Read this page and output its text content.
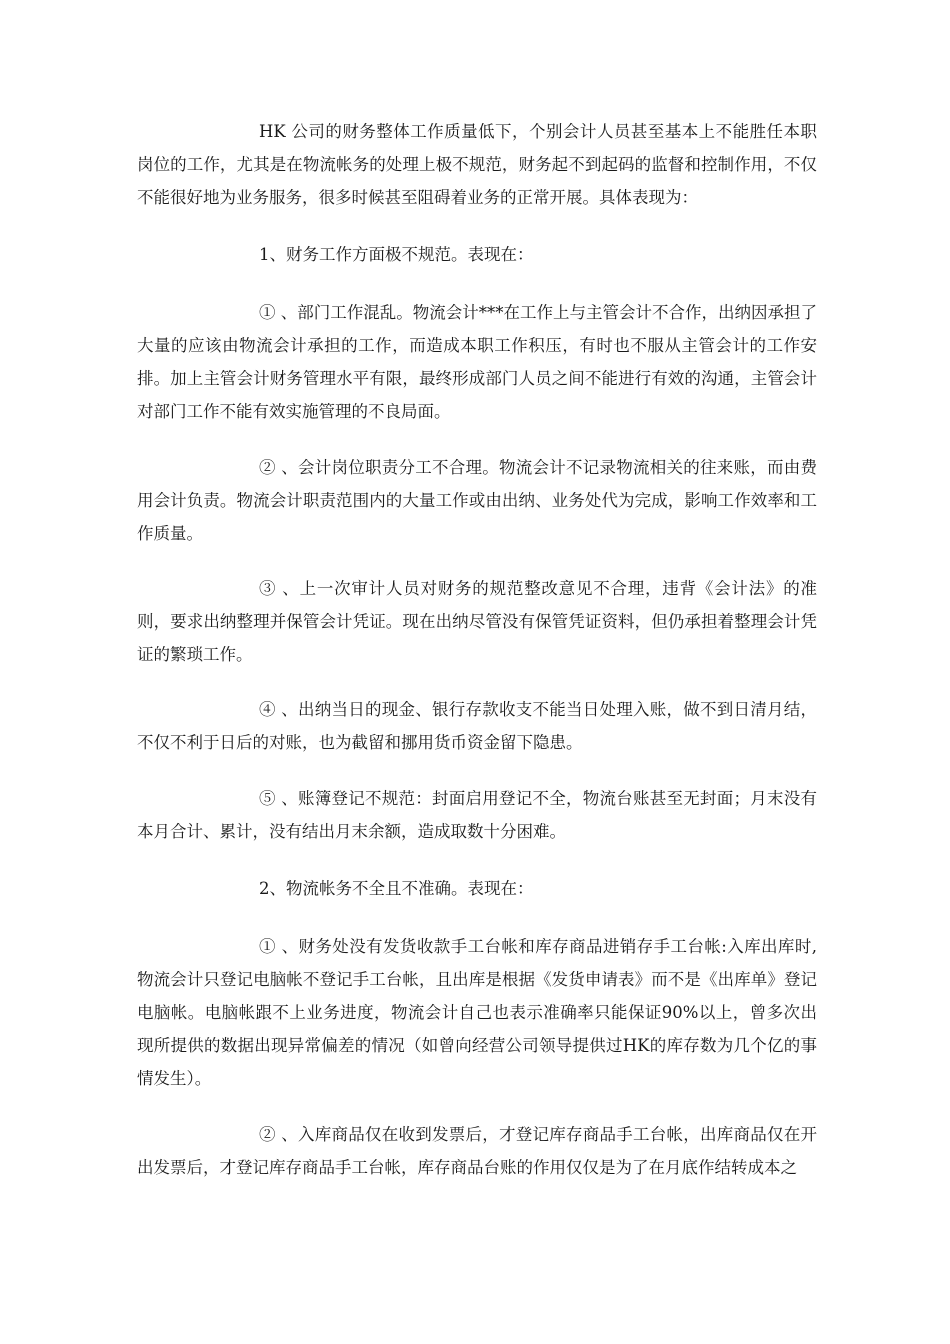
HK 公司的财务整体工作质量低下，个别会计人员甚至基本上不能胜任本职岗位的工作，尤其是在物流帐务的处理上极不规范，财务起不到起码的监督和控制作用，不仅不能很好地为业务服务，很多时候甚至阻碍着业务的正常开展。具体表现为：

1、财务工作方面极不规范。表现在：

① 、部门工作混乱。物流会计***在工作上与主管会计不合作，出纳因承担了大量的应该由物流会计承担的工作，而造成本职工作积压，有时也不服从主管会计的工作安排。加上主管会计财务管理水平有限，最终形成部门人员之间不能进行有效的沟通，主管会计对部门工作不能有效实施管理的不良局面。

② 、会计岗位职责分工不合理。物流会计不记录物流相关的往来账，而由费用会计负责。物流会计职责范围内的大量工作或由出纳、业务处代为完成，影响工作效率和工作质量。

③ 、上一次审计人员对财务的规范整改意见不合理，违背《会计法》的准则，要求出纳整理并保管会计凭证。现在出纳尽管没有保管凭证资料，但仍承担着整理会计凭证的繁琐工作。

④ 、出纳当日的现金、银行存款收支不能当日处理入账，做不到日清月结，不仅不利于日后的对账，也为截留和挪用货币资金留下隐患。

⑤ 、账簿登记不规范：封面启用登记不全，物流台账甚至无封面；月末没有本月合计、累计，没有结出月末余额，造成取数十分困难。

2、物流帐务不全且不准确。表现在：

① 、财务处没有发货收款手工台帐和库存商品进销存手工台帐:入库出库时,物流会计只登记电脑帐不登记手工台帐，且出库是根据《发货申请表》而不是《出库单》登记电脑帐。电脑帐跟不上业务进度，物流会计自己也表示准确率只能保证90%以上，曾多次出现所提供的数据出现异常偏差的情况（如曾向经营公司领导提供过HK的库存数为几个亿的事情发生）。

② 、入库商品仅在收到发票后，才登记库存商品手工台帐，出库商品仅在开出发票后，才登记库存商品手工台帐，库存商品台账的作用仅仅是为了在月底作结转成本之
